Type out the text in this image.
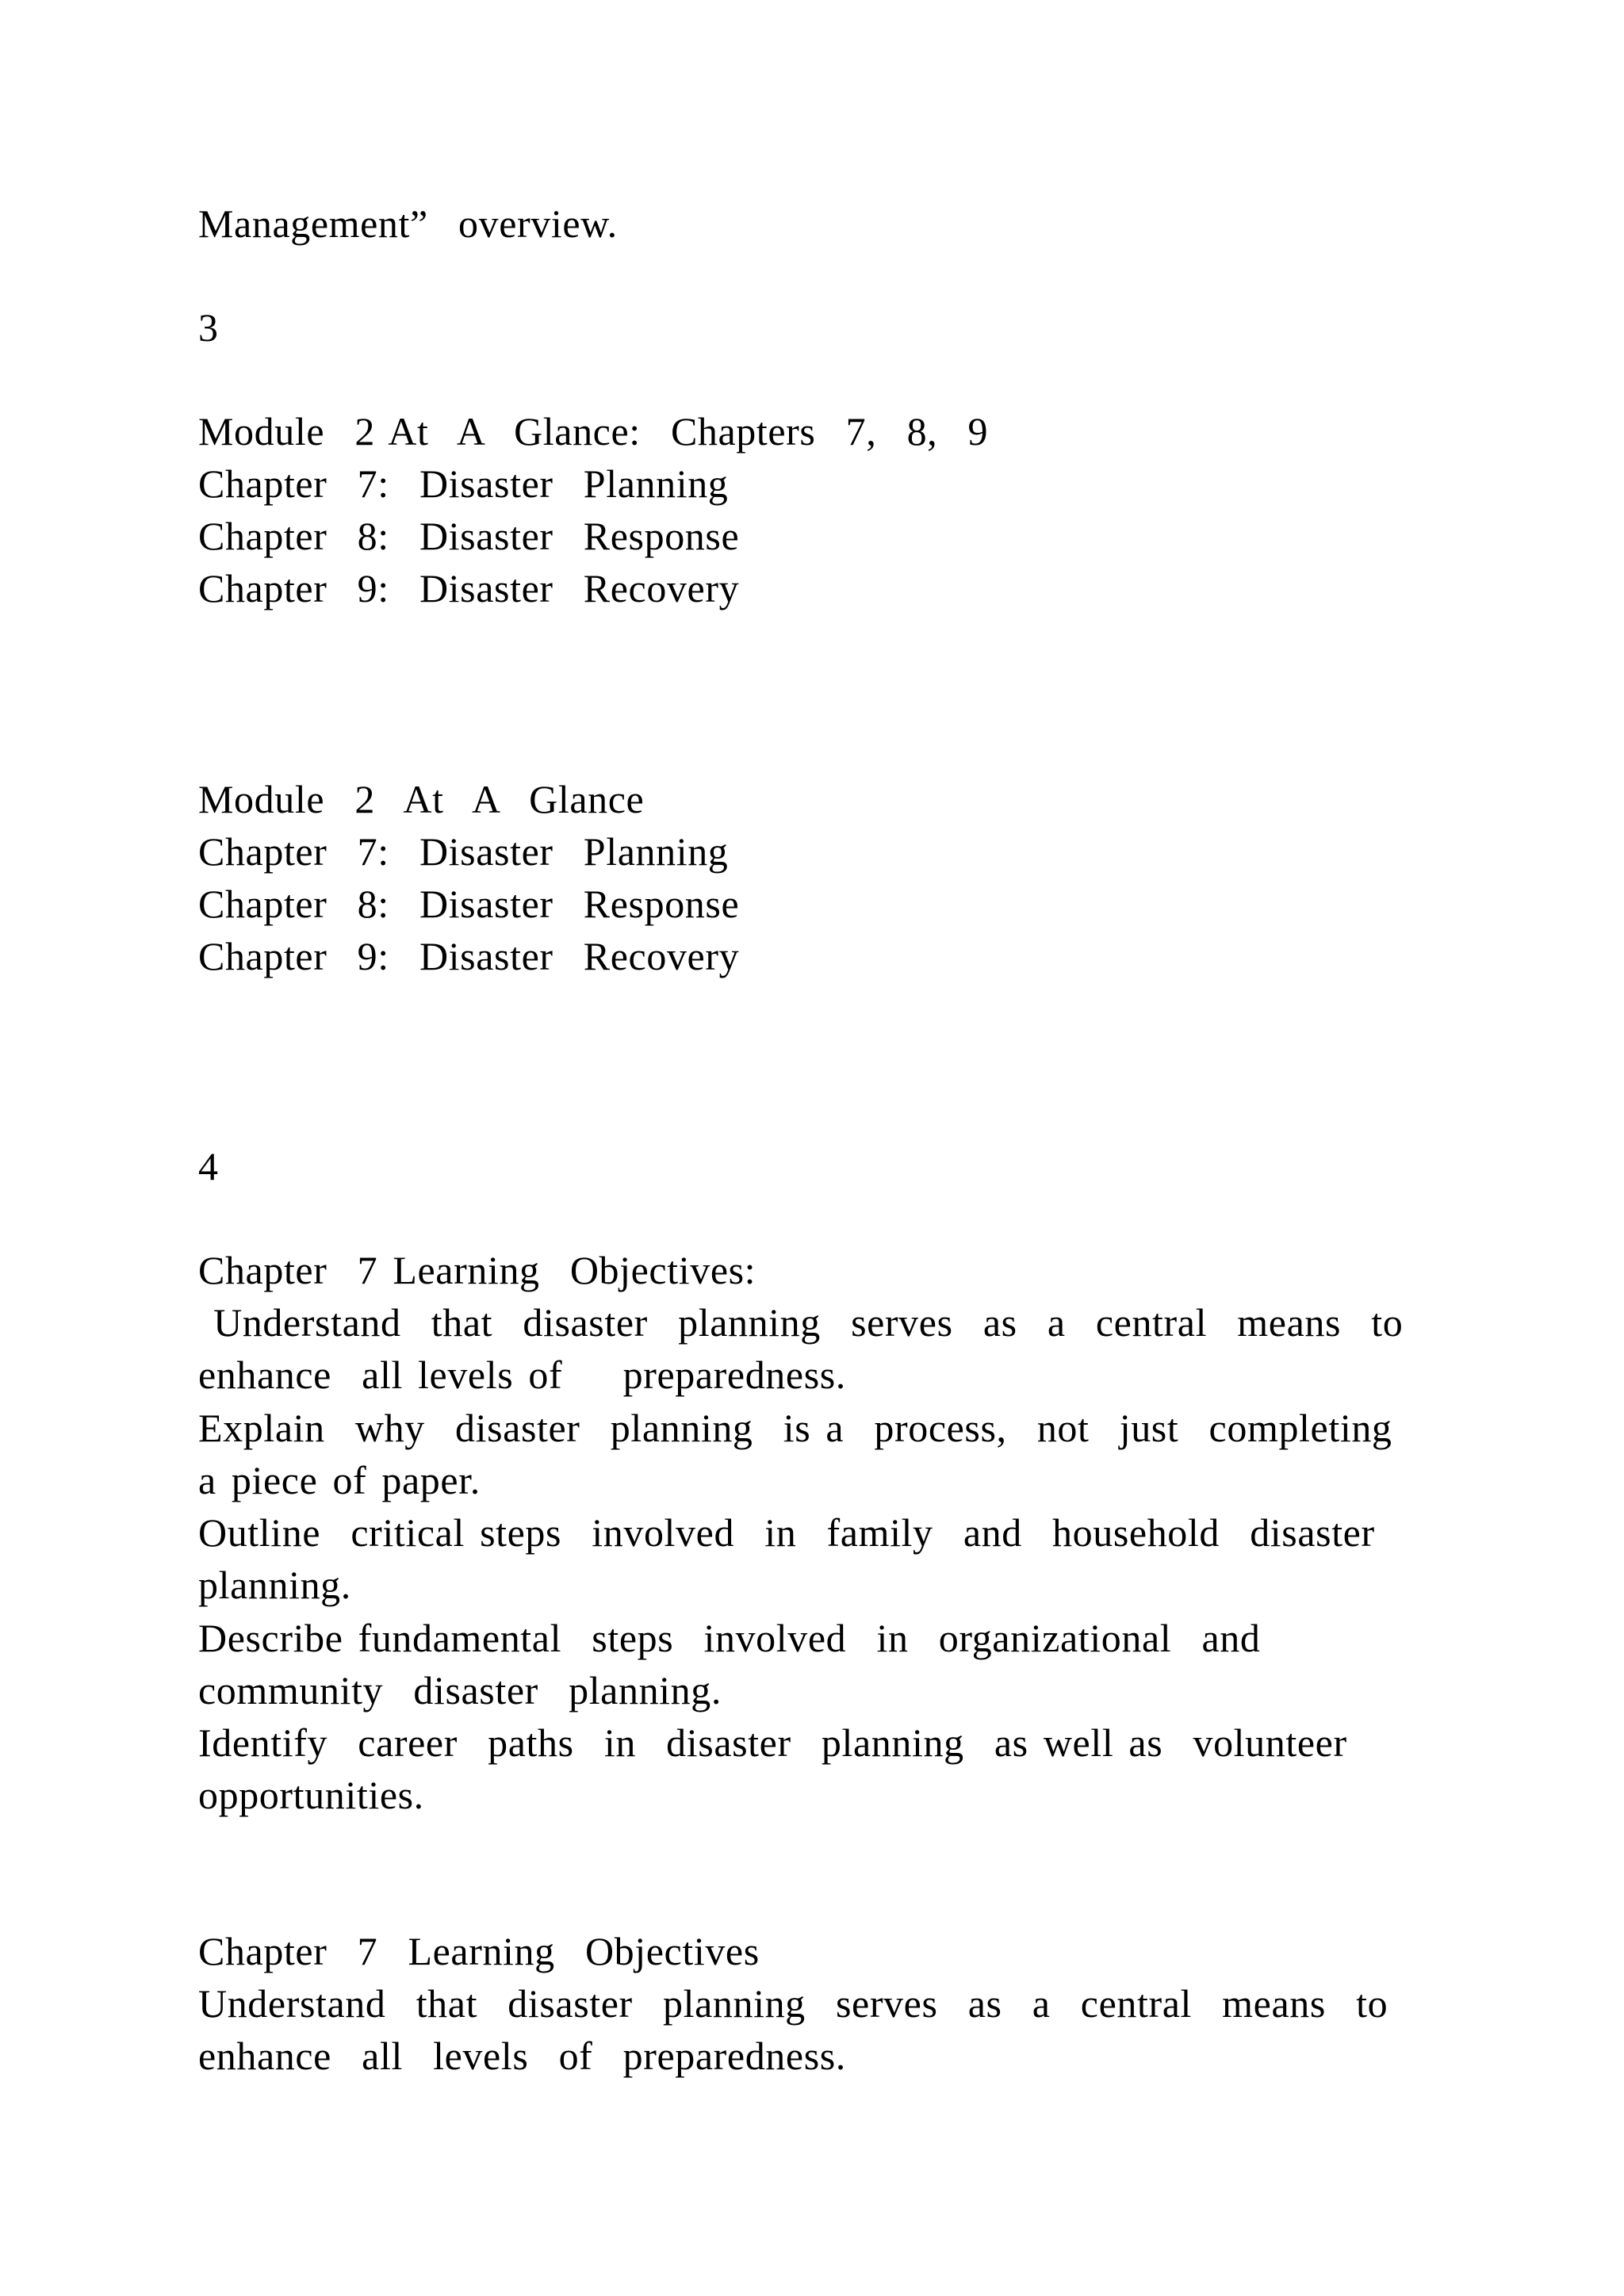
Management”  overview.
3
Module  2 At  A  Glance:  Chapters  7,  8,  9
Chapter  7:  Disaster  Planning
Chapter  8:  Disaster  Response
Chapter  9:  Disaster  Recovery
Module  2  At  A  Glance
Chapter  7:  Disaster  Planning
Chapter  8:  Disaster  Response
Chapter  9:  Disaster  Recovery
4
Chapter  7 Learning  Objectives:
Understand  that  disaster  planning  serves  as  a  central  means  to
enhance  all levels of    preparedness.
Explain  why  disaster  planning  is a  process,  not  just  completing
a piece of paper.
Outline  critical steps  involved  in  family  and  household  disaster
planning.
Describe fundamental  steps  involved  in  organizational  and
community  disaster  planning.
Identify  career  paths  in  disaster  planning  as well as  volunteer
opportunities.
Chapter  7  Learning  Objectives
Understand  that  disaster  planning  serves  as  a  central  means  to
enhance  all  levels  of  preparedness.
